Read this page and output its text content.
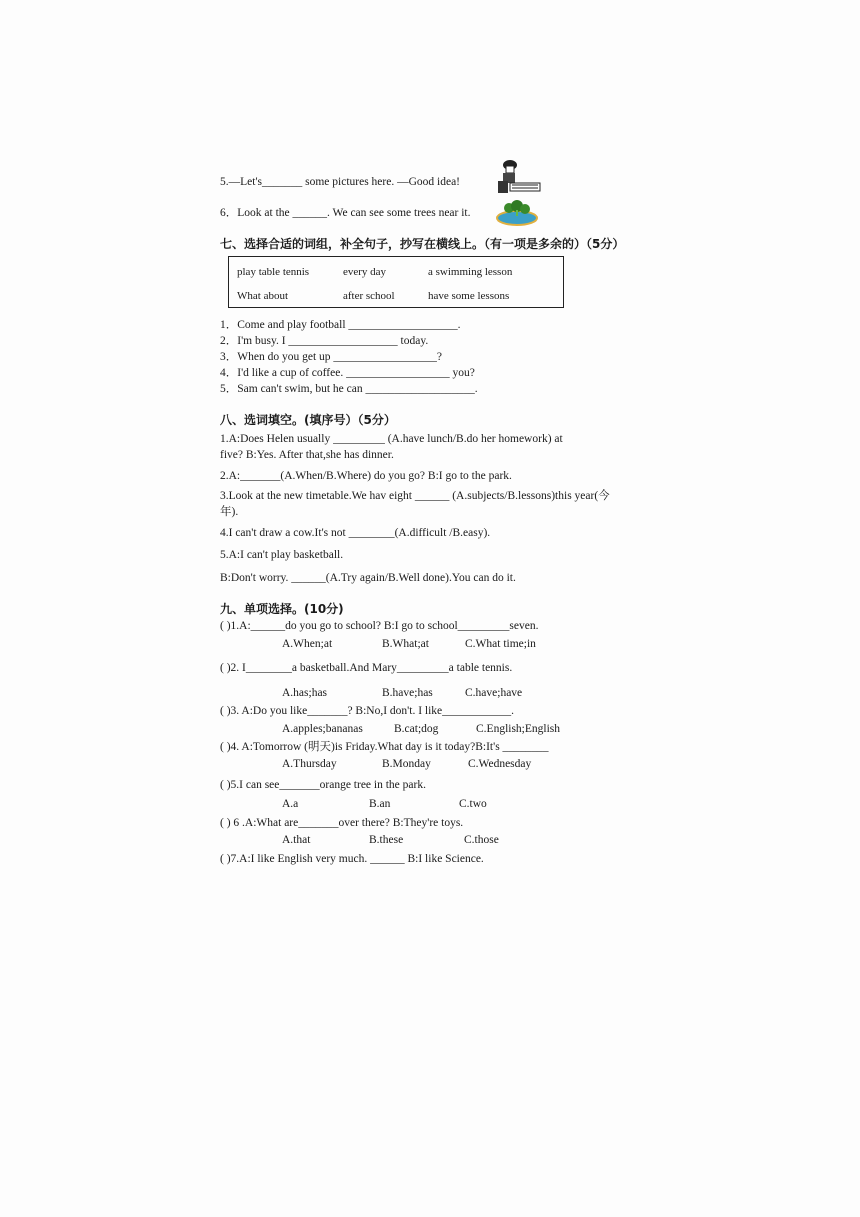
5.—Let's_______ some pictures here. —Good idea!
6．Look at the ______. We can see some trees near it.
七、选择合适的词组，补全句子，抄写在横线上。（有一项是多余的）（5分）
play table tennis	every day	a swimming lesson
What about	after school	have some lessons
1．Come and play football ___________________.
2．I'm busy. I ___________________ today.
3．When do you get up __________________?
4．I'd like a cup of coffee. __________________ you?
5．Sam can't swim, but he can ___________________.
八、选词填空。(填序号）（5分）
1.A:Does Helen usually _________ (A.have lunch/B.do her homework) at
five? B:Yes. After that,she has dinner.
2.A:_______(A.When/B.Where) do you go? B:I go to the park.
3.Look at the new timetable.We hav eight ______ (A.subjects/B.lessons)this year(今
年).
4.I can't draw a cow.It's not ________(A.difficult /B.easy).
5.A:I can't play basketball.
B:Don't worry. ______(A.Try again/B.Well done).You can do it.
九、单项选择。(10分)
( )1.A:______do you go to school? B:I go to school_________seven.
A.When;at	B.What;at	C.What time;in
( )2. I________a basketball.And Mary_________a table tennis.
A.has;has	B.have;has	C.have;have
( )3. A:Do you like_______? B:No,I don't. I like____________.
A.apples;bananas	B.cat;dog	C.English;English
( )4. A:Tomorrow (明天)is Friday.What day is it today?B:It's ________
A.Thursday	B.Monday	C.Wednesday
( )5.I can see_______orange tree in the park.
A.a	B.an	C.two
( ) 6 .A:What are_______over there? B:They're toys.
A.that	B.these	C.those
( )7.A:I like English very much. ______ B:I like Science.
